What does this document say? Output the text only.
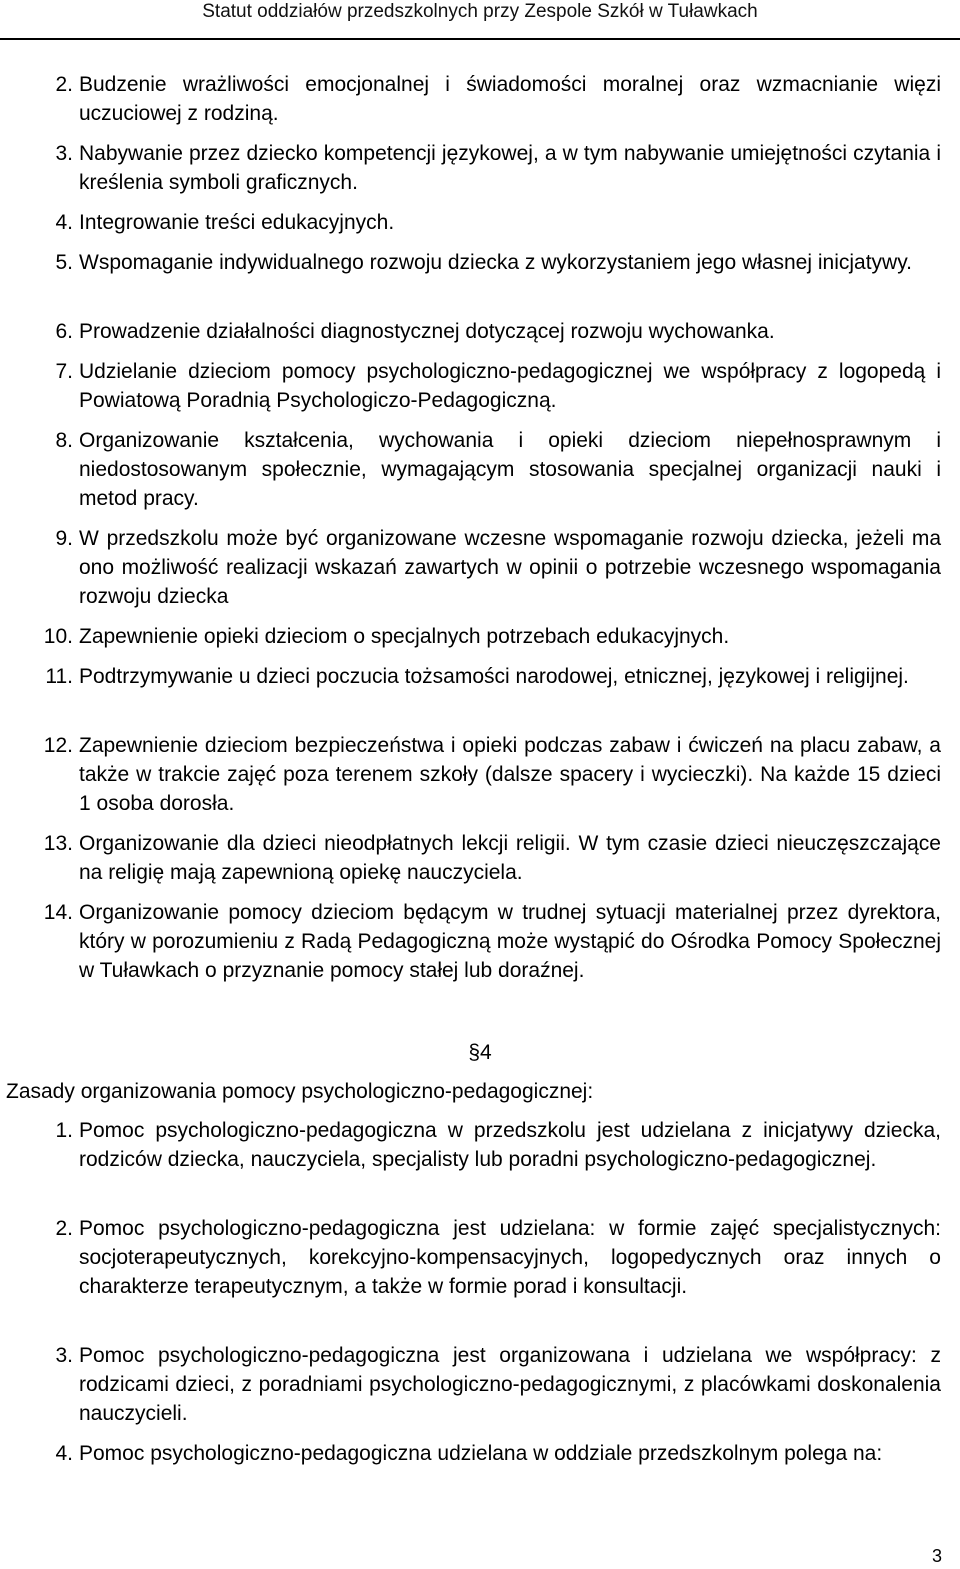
Statut oddziałów przedszkolnych przy Zespole Szkół w Tuławkach
2. Budzenie wrażliwości emocjonalnej i świadomości moralnej oraz wzmacnianie więzi uczuciowej z rodziną.
3. Nabywanie przez dziecko kompetencji językowej, a w tym nabywanie umiejętności czytania i kreślenia symboli graficznych.
4. Integrowanie treści edukacyjnych.
5. Wspomaganie indywidualnego rozwoju dziecka z wykorzystaniem jego własnej inicjatywy.
6. Prowadzenie działalności diagnostycznej dotyczącej rozwoju wychowanka.
7. Udzielanie dzieciom pomocy psychologiczno-pedagogicznej we współpracy z logopedą i Powiatową Poradnią Psychologiczo-Pedagogiczną.
8. Organizowanie kształcenia, wychowania i opieki dzieciom niepełnosprawnym i niedostosowanym społecznie, wymagającym stosowania specjalnej organizacji nauki i metod pracy.
9. W przedszkolu może być organizowane wczesne wspomaganie rozwoju dziecka, jeżeli ma ono możliwość realizacji wskazań zawartych w opinii o potrzebie wczesnego wspomagania rozwoju dziecka
10. Zapewnienie opieki dzieciom o specjalnych potrzebach edukacyjnych.
11. Podtrzymywanie u dzieci poczucia tożsamości narodowej, etnicznej, językowej i religijnej.
12. Zapewnienie dzieciom bezpieczeństwa i opieki podczas zabaw i ćwiczeń na placu zabaw, a także w trakcie zajęć poza terenem szkoły (dalsze spacery i wycieczki). Na każde 15 dzieci 1 osoba dorosła.
13. Organizowanie dla dzieci nieodpłatnych lekcji religii. W tym czasie dzieci nieuczęszczające na religię mają zapewnioną opiekę nauczyciela.
14. Organizowanie pomocy dzieciom będącym w trudnej sytuacji materialnej przez dyrektora, który w porozumieniu z Radą Pedagogiczną może wystąpić do Ośrodka Pomocy Społecznej w Tuławkach o przyznanie pomocy stałej lub doraźnej.
§4
Zasady organizowania pomocy psychologiczno-pedagogicznej:
1. Pomoc psychologiczno-pedagogiczna w przedszkolu jest udzielana z inicjatywy dziecka, rodziców dziecka, nauczyciela, specjalisty lub poradni psychologiczno-pedagogicznej.
2. Pomoc psychologiczno-pedagogiczna jest udzielana: w formie zajęć specjalistycznych: socjoterapeutycznych, korekcyjno-kompensacyjnych, logopedycznych oraz innych o charakterze terapeutycznym, a także w formie porad i konsultacji.
3. Pomoc psychologiczno-pedagogiczna jest organizowana i udzielana we współpracy: z rodzicami dzieci, z poradniami psychologiczno-pedagogicznymi, z placówkami doskonalenia nauczycieli.
4. Pomoc psychologiczno-pedagogiczna udzielana w oddziale przedszkolnym polega na:
3
